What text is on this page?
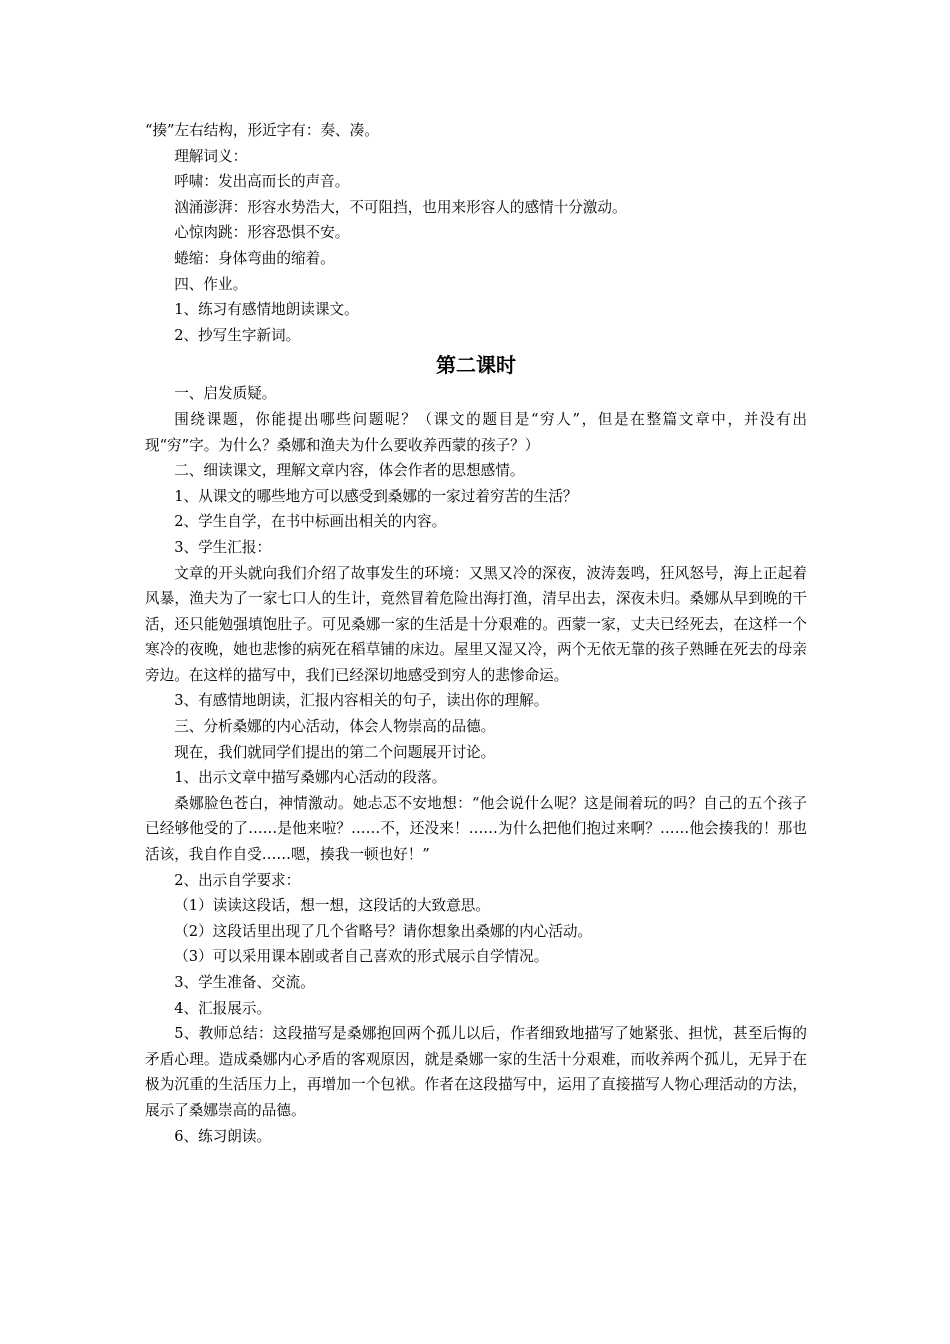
“揍”左右结构，形近字有：奏、凑。

理解词义：

呼啸：发出高而长的声音。

汹涌澎湃：形容水势浩大，不可阻挡，也用来形容人的感情十分激动。

心惊肉跳：形容恐惧不安。

蜷缩：身体弯曲的缩着。

四、作业。

1、练习有感情地朗读课文。

2、抄写生字新词。

第二课时

一、启发质疑。

围绕课题，你能提出哪些问题呢？（课文的题目是“穷人”，但是在整篇文章中，并没有出现“穷”字。为什么？桑娜和渔夫为什么要收养西蒙的孩子？）

二、细读课文，理解文章内容，体会作者的思想感情。

1、从课文的哪些地方可以感受到桑娜的一家过着穷苦的生活？

2、学生自学，在书中标画出相关的内容。

3、学生汇报：

文章的开头就向我们介绍了故事发生的环境：又黑又冷的深夜，波涛轰鸣，狂风怒号，海上正起着风暴，渔夫为了一家七口人的生计，竟然冒着危险出海打渔，清早出去，深夜未归。桑娜从早到晚的干活，还只能勉强填饱肚子。可见桑娜一家的生活是十分艰难的。西蒙一家，丈夫已经死去，在这样一个寒冷的夜晚，她也悲惨的病死在稻草铺的床边。屋里又湿又冷，两个无依无靠的孩子熟睡在死去的母亲旁边。在这样的描写中，我们已经深切地感受到穷人的悲惨命运。

3、有感情地朗读，汇报内容相关的句子，读出你的理解。

三、分析桑娜的内心活动，体会人物崇高的品德。

现在，我们就同学们提出的第二个问题展开讨论。

1、出示文章中描写桑娜内心活动的段落。

桑娜脸色苍白，神情激动。她忐忑不安地想：“他会说什么呢？这是闹着玩的吗？自己的五个孩子已经够他受的了……是他来啦？……不，还没来！……为什么把他们抱过来啊？……他会揍我的！那也活该，我自作自受……嗯，揍我一顿也好！”

2、出示自学要求：

（1）读读这段话，想一想，这段话的大致意思。

（2）这段话里出现了几个省略号？请你想象出桑娜的内心活动。

（3）可以采用课本剧或者自己喜欢的形式展示自学情况。

3、学生准备、交流。

4、汇报展示。

5、教师总结：这段描写是桑娜抱回两个孤儿以后，作者细致地描写了她紧张、担忧，甚至后悔的矛盾心理。造成桑娜内心矛盾的客观原因，就是桑娜一家的生活十分艰难，而收养两个孤儿，无异于在极为沉重的生活压力上，再增加一个包袱。作者在这段描写中，运用了直接描写人物心理活动的方法，展示了桑娜崇高的品德。

6、练习朗读。
